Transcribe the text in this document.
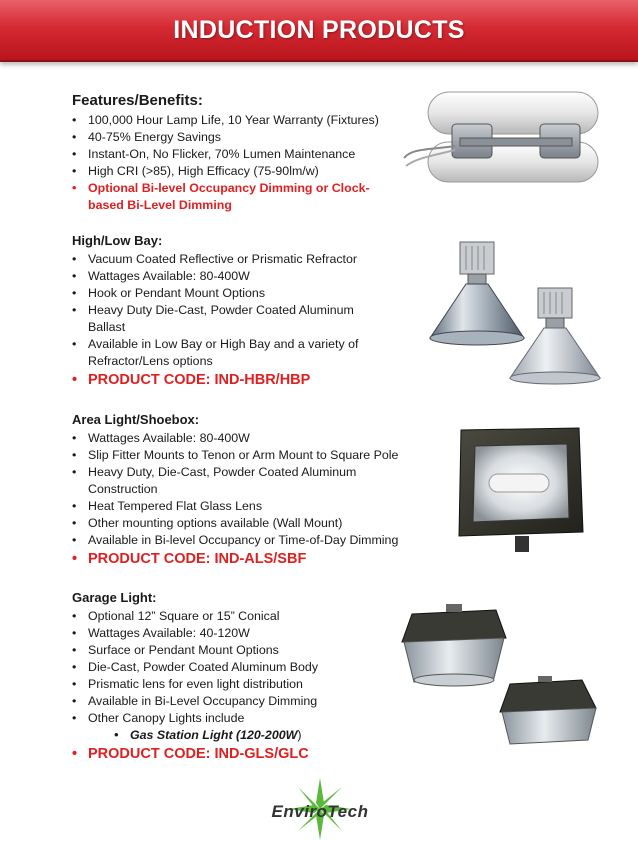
INDUCTION PRODUCTS
Features/Benefits:
• 100,000 Hour Lamp Life, 10 Year Warranty (Fixtures)
• 40-75% Energy Savings
• Instant-On, No Flicker, 70% Lumen Maintenance
• High CRI (>85), High Efficacy (75-90lm/w)
• Optional Bi-level Occupancy Dimming or Clock-based Bi-Level Dimming
High/Low Bay:
• Vacuum Coated Reflective or Prismatic Refractor
• Wattages Available: 80-400W
• Hook or Pendant Mount Options
• Heavy Duty Die-Cast, Powder Coated Aluminum Ballast
• Available in Low Bay or High Bay and a variety of Refractor/Lens options
• PRODUCT CODE: IND-HBR/HBP
Area Light/Shoebox:
• Wattages Available: 80-400W
• Slip Fitter Mounts to Tenon or Arm Mount to Square Pole
• Heavy Duty, Die-Cast, Powder Coated Aluminum Construction
• Heat Tempered Flat Glass Lens
• Other mounting options available (Wall Mount)
• Available in Bi-level Occupancy or Time-of-Day Dimming
• PRODUCT CODE: IND-ALS/SBF
Garage Light:
• Optional 12” Square or 15” Conical
• Wattages Available: 40-120W
• Surface or Pendant Mount Options
• Die-Cast, Powder Coated Aluminum Body
• Prismatic lens for even light distribution
• Available in Bi-Level Occupancy Dimming
• Other Canopy Lights include
• Gas Station Light (120-200W)
• PRODUCT CODE: IND-GLS/GLC
EnviroTech
